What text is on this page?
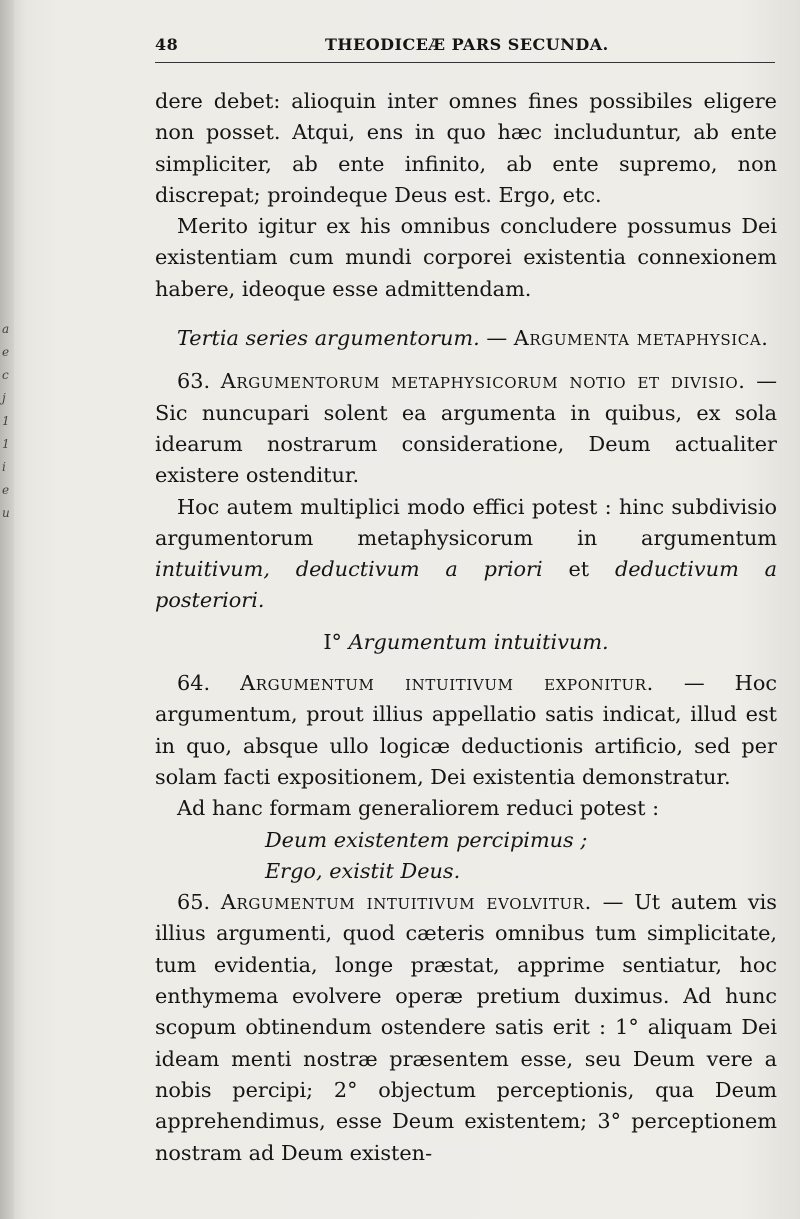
a e c j 1 1 i e u
48	THEODICEÆ PARS SECUNDA.

dere debet: alioquin inter omnes fines possibiles eligere non posset. Atqui, ens in quo hæc includuntur, ab ente simpliciter, ab ente infinito, ab ente supremo, non discrepat; proindeque Deus est. Ergo, etc.

Merito igitur ex his omnibus concludere possumus Dei existentiam cum mundi corporei existentia connexionem habere, ideoque esse admittendam.

Tertia series argumentorum. — Argumenta metaphysica.

63. Argumentorum metaphysicorum notio et divisio. — Sic nuncupari solent ea argumenta in quibus, ex sola idearum nostrarum consideratione, Deum actualiter existere ostenditur.

Hoc autem multiplici modo effici potest : hinc subdivisio argumentorum metaphysicorum in argumentum intuitivum, deductivum a priori et deductivum a posteriori.

I° Argumentum intuitivum.

64. Argumentum intuitivum exponitur. — Hoc argumentum, prout illius appellatio satis indicat, illud est in quo, absque ullo logicæ deductionis artificio, sed per solam facti expositionem, Dei existentia demonstratur.

Ad hanc formam generaliorem reduci potest :

Deum existentem percipimus ;

Ergo, existit Deus.

65. Argumentum intuitivum evolvitur. — Ut autem vis illius argumenti, quod cæteris omnibus tum simplicitate, tum evidentia, longe præstat, apprime sentiatur, hoc enthymema evolvere operæ pretium duximus. Ad hunc scopum obtinendum ostendere satis erit : 1° aliquam Dei ideam menti nostræ præsentem esse, seu Deum vere a nobis percipi; 2° objectum perceptionis, qua Deum apprehendimus, esse Deum existentem; 3° perceptionem nostram ad Deum existen-
